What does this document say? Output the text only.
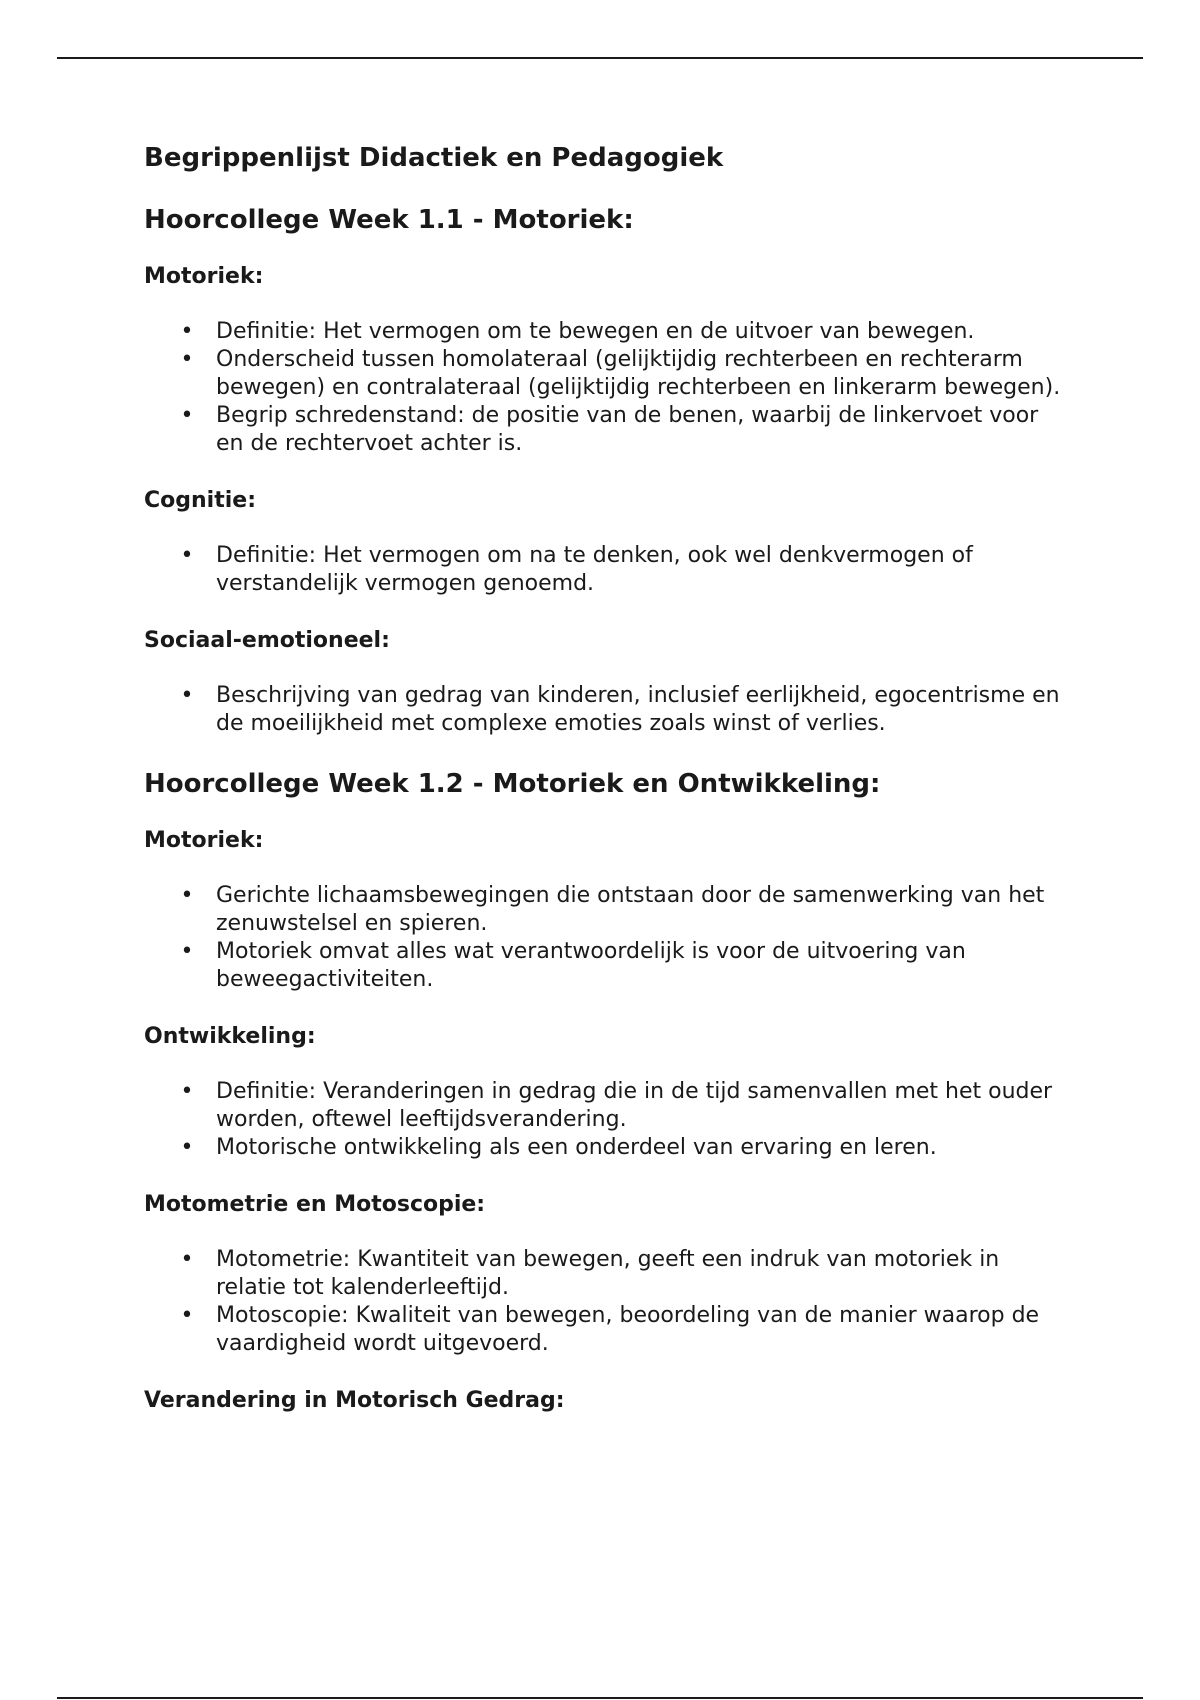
Begrippenlijst Didactiek en Pedagogiek
Hoorcollege Week 1.1 - Motoriek:
Motoriek:
• Definitie: Het vermogen om te bewegen en de uitvoer van bewegen.
• Onderscheid tussen homolateraal (gelijktijdig rechterbeen en rechterarm bewegen) en contralateraal (gelijktijdig rechterbeen en linkerarm bewegen).
• Begrip schredenstand: de positie van de benen, waarbij de linkervoet voor en de rechtervoet achter is.
Cognitie:
• Definitie: Het vermogen om na te denken, ook wel denkvermogen of verstandelijk vermogen genoemd.
Sociaal-emotioneel:
• Beschrijving van gedrag van kinderen, inclusief eerlijkheid, egocentrisme en de moeilijkheid met complexe emoties zoals winst of verlies.
Hoorcollege Week 1.2 - Motoriek en Ontwikkeling:
Motoriek:
• Gerichte lichaamsbewegingen die ontstaan door de samenwerking van het zenuwstelsel en spieren.
• Motoriek omvat alles wat verantwoordelijk is voor de uitvoering van beweegactiviteiten.
Ontwikkeling:
• Definitie: Veranderingen in gedrag die in de tijd samenvallen met het ouder worden, oftewel leeftijdsverandering.
• Motorische ontwikkeling als een onderdeel van ervaring en leren.
Motometrie en Motoscopie:
• Motometrie: Kwantiteit van bewegen, geeft een indruk van motoriek in relatie tot kalenderleeftijd.
• Motoscopie: Kwaliteit van bewegen, beoordeling van de manier waarop de vaardigheid wordt uitgevoerd.
Verandering in Motorisch Gedrag:
